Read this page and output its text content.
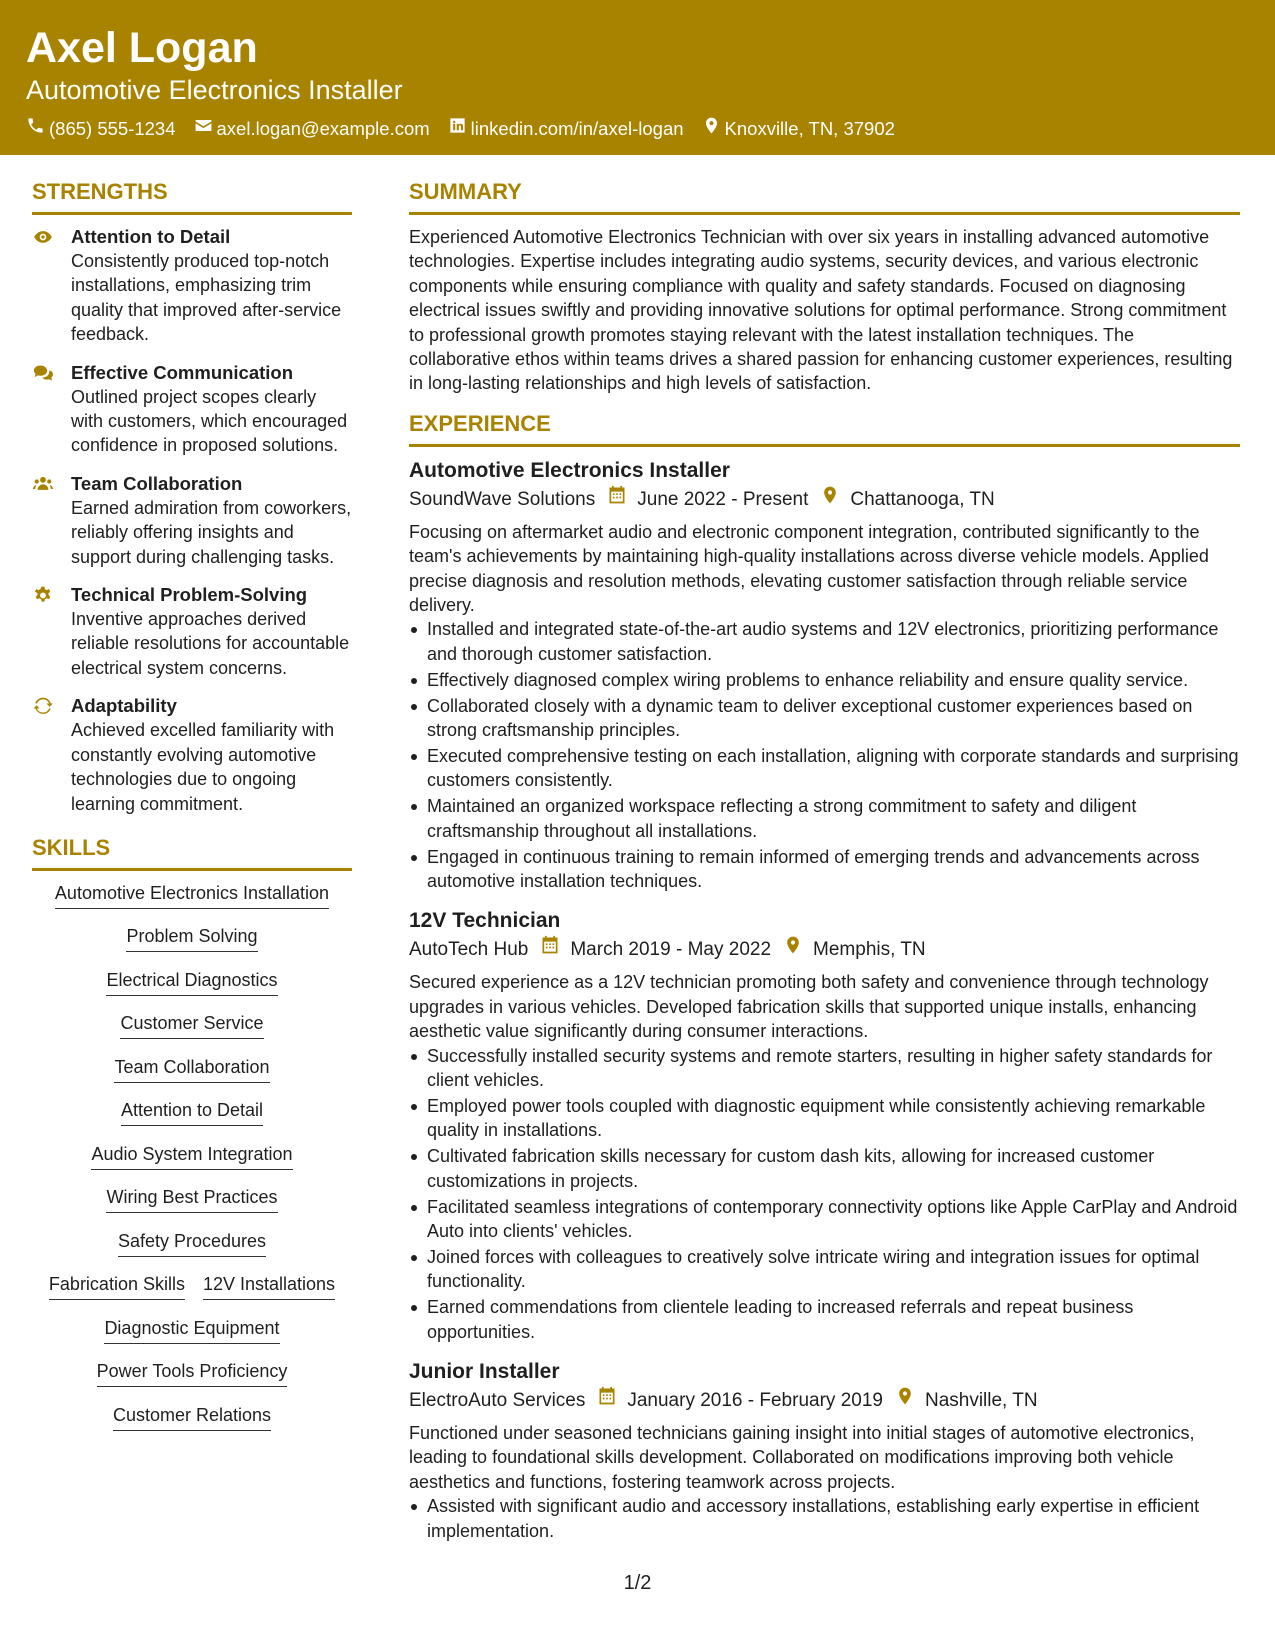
Axel Logan
Automotive Electronics Installer
(865) 555-1234 axel.logan@example.com linkedin.com/in/axel-logan Knoxville, TN, 37902
STRENGTHS
Attention to Detail
Consistently produced top-notch installations, emphasizing trim quality that improved after-service feedback.
Effective Communication
Outlined project scopes clearly with customers, which encouraged confidence in proposed solutions.
Team Collaboration
Earned admiration from coworkers, reliably offering insights and support during challenging tasks.
Technical Problem-Solving
Inventive approaches derived reliable resolutions for accountable electrical system concerns.
Adaptability
Achieved excelled familiarity with constantly evolving automotive technologies due to ongoing learning commitment.
SKILLS
Automotive Electronics Installation
Problem Solving
Electrical Diagnostics
Customer Service
Team Collaboration
Attention to Detail
Audio System Integration
Wiring Best Practices
Safety Procedures
Fabrication Skills 12V Installations
Diagnostic Equipment
Power Tools Proficiency
Customer Relations
SUMMARY
Experienced Automotive Electronics Technician with over six years in installing advanced automotive technologies. Expertise includes integrating audio systems, security devices, and various electronic components while ensuring compliance with quality and safety standards. Focused on diagnosing electrical issues swiftly and providing innovative solutions for optimal performance. Strong commitment to professional growth promotes staying relevant with the latest installation techniques. The collaborative ethos within teams drives a shared passion for enhancing customer experiences, resulting in long-lasting relationships and high levels of satisfaction.
EXPERIENCE
Automotive Electronics Installer
SoundWave Solutions June 2022 - Present Chattanooga, TN
Focusing on aftermarket audio and electronic component integration, contributed significantly to the team's achievements by maintaining high-quality installations across diverse vehicle models. Applied precise diagnosis and resolution methods, elevating customer satisfaction through reliable service delivery.
Installed and integrated state-of-the-art audio systems and 12V electronics, prioritizing performance and thorough customer satisfaction.
Effectively diagnosed complex wiring problems to enhance reliability and ensure quality service.
Collaborated closely with a dynamic team to deliver exceptional customer experiences based on strong craftsmanship principles.
Executed comprehensive testing on each installation, aligning with corporate standards and surprising customers consistently.
Maintained an organized workspace reflecting a strong commitment to safety and diligent craftsmanship throughout all installations.
Engaged in continuous training to remain informed of emerging trends and advancements across automotive installation techniques.
12V Technician
AutoTech Hub March 2019 - May 2022 Memphis, TN
Secured experience as a 12V technician promoting both safety and convenience through technology upgrades in various vehicles. Developed fabrication skills that supported unique installs, enhancing aesthetic value significantly during consumer interactions.
Successfully installed security systems and remote starters, resulting in higher safety standards for client vehicles.
Employed power tools coupled with diagnostic equipment while consistently achieving remarkable quality in installations.
Cultivated fabrication skills necessary for custom dash kits, allowing for increased customer customizations in projects.
Facilitated seamless integrations of contemporary connectivity options like Apple CarPlay and Android Auto into clients' vehicles.
Joined forces with colleagues to creatively solve intricate wiring and integration issues for optimal functionality.
Earned commendations from clientele leading to increased referrals and repeat business opportunities.
Junior Installer
ElectroAuto Services January 2016 - February 2019 Nashville, TN
Functioned under seasoned technicians gaining insight into initial stages of automotive electronics, leading to foundational skills development. Collaborated on modifications improving both vehicle aesthetics and functions, fostering teamwork across projects.
Assisted with significant audio and accessory installations, establishing early expertise in efficient implementation.
1/2
